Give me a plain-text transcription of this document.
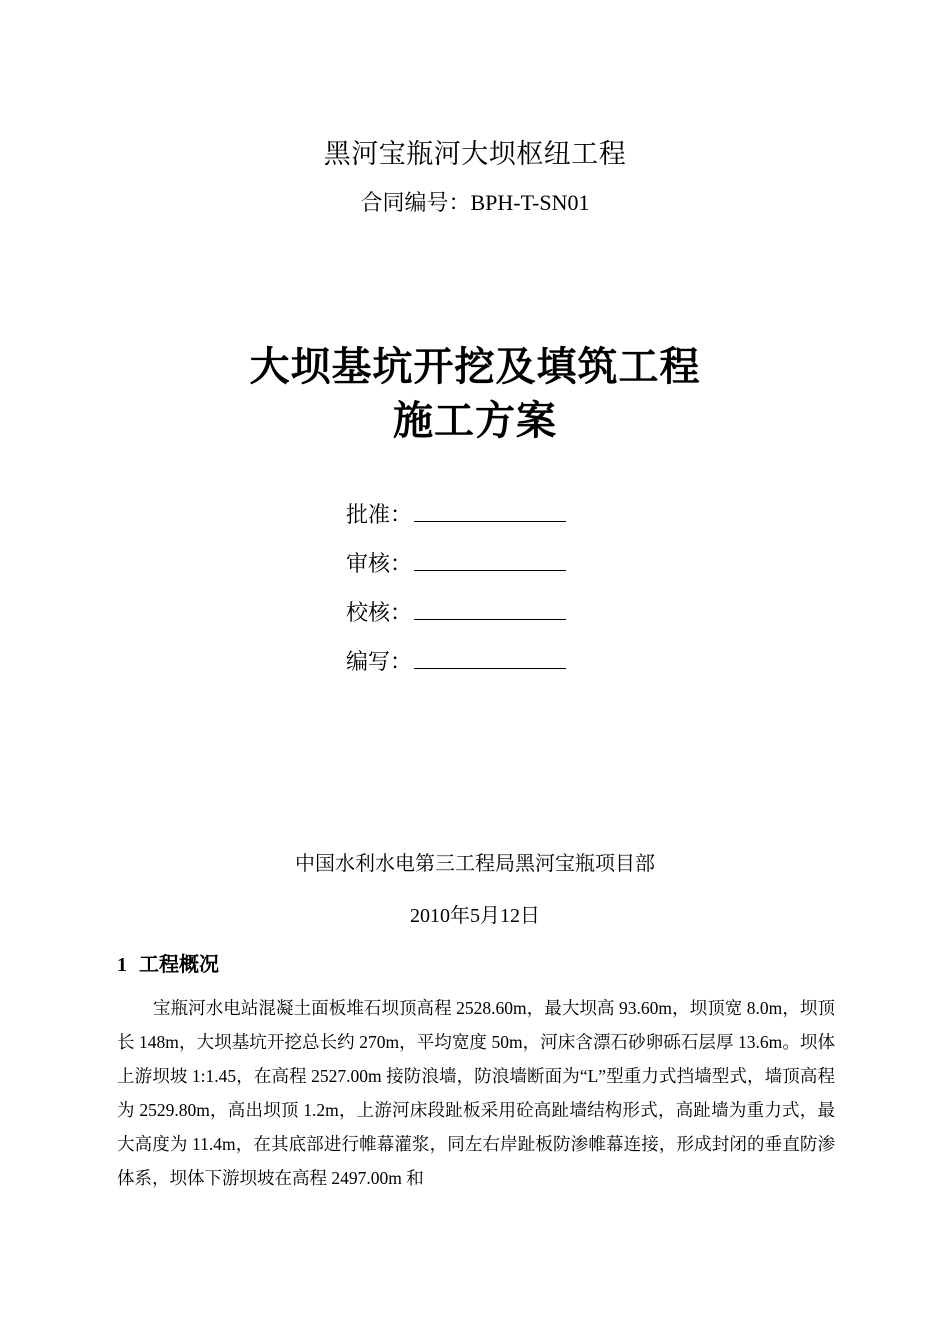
黑河宝瓶河大坝枢纽工程
合同编号：BPH-T-SN01
大坝基坑开挖及填筑工程
施工方案
批准：
审核：
校核：
编写：
中国水利水电第三工程局黑河宝瓶项目部
2010年5月12日
1 工程概况
宝瓶河水电站混凝土面板堆石坝顶高程 2528.60m，最大坝高 93.60m，坝顶宽 8.0m，坝顶长 148m，大坝基坑开挖总长约 270m，平均宽度 50m，河床含漂石砂卵砾石层厚 13.6m。坝体上游坝坡 1:1.45，在高程 2527.00m 接防浪墙，防浪墙断面为“L”型重力式挡墙型式，墙顶高程为 2529.80m，高出坝顶 1.2m，上游河床段趾板采用砼高趾墙结构形式，高趾墙为重力式，最大高度为 11.4m，在其底部进行帷幕灌浆，同左右岸趾板防渗帷幕连接，形成封闭的垂直防渗体系，坝体下游坝坡在高程 2497.00m 和
